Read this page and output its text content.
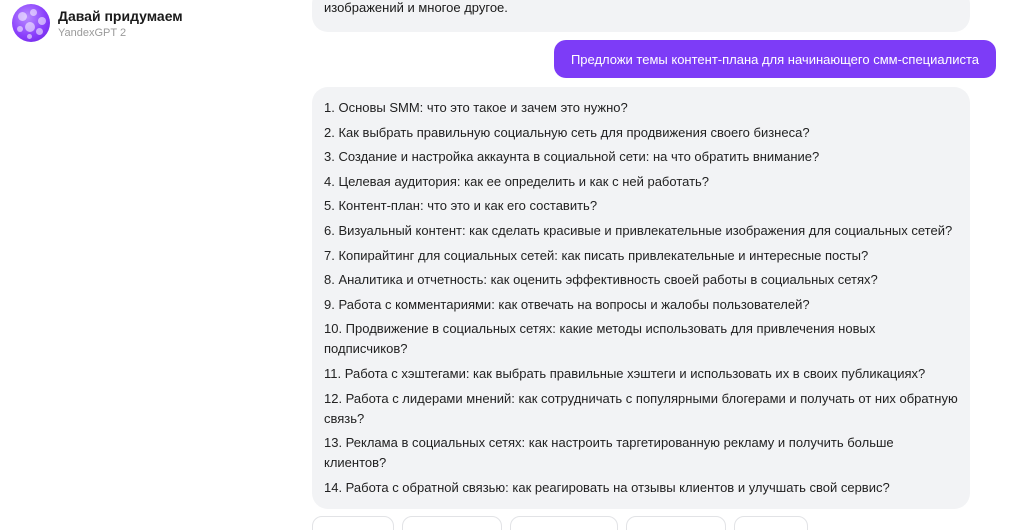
Давай придумаем
YandexGPT 2
изображений и многое другое.
Предложи темы контент-плана для начинающего смм-специалиста
1. Основы SMM: что это такое и зачем это нужно?
2. Как выбрать правильную социальную сеть для продвижения своего бизнеса?
3. Создание и настройка аккаунта в социальной сети: на что обратить внимание?
4. Целевая аудитория: как ее определить и как с ней работать?
5. Контент-план: что это и как его составить?
6. Визуальный контент: как сделать красивые и привлекательные изображения для социальных сетей?
7. Копирайтинг для социальных сетей: как писать привлекательные и интересные посты?
8. Аналитика и отчетность: как оценить эффективность своей работы в социальных сетях?
9. Работа с комментариями: как отвечать на вопросы и жалобы пользователей?
10. Продвижение в социальных сетях: какие методы использовать для привлечения новых подписчиков?
11. Работа с хэштегами: как выбрать правильные хэштеги и использовать их в своих публикациях?
12. Работа с лидерами мнений: как сотрудничать с популярными блогерами и получать от них обратную связь?
13. Реклама в социальных сетях: как настроить таргетированную рекламу и получить больше клиентов?
14. Работа с обратной связью: как реагировать на отзывы клиентов и улучшать свой сервис?
